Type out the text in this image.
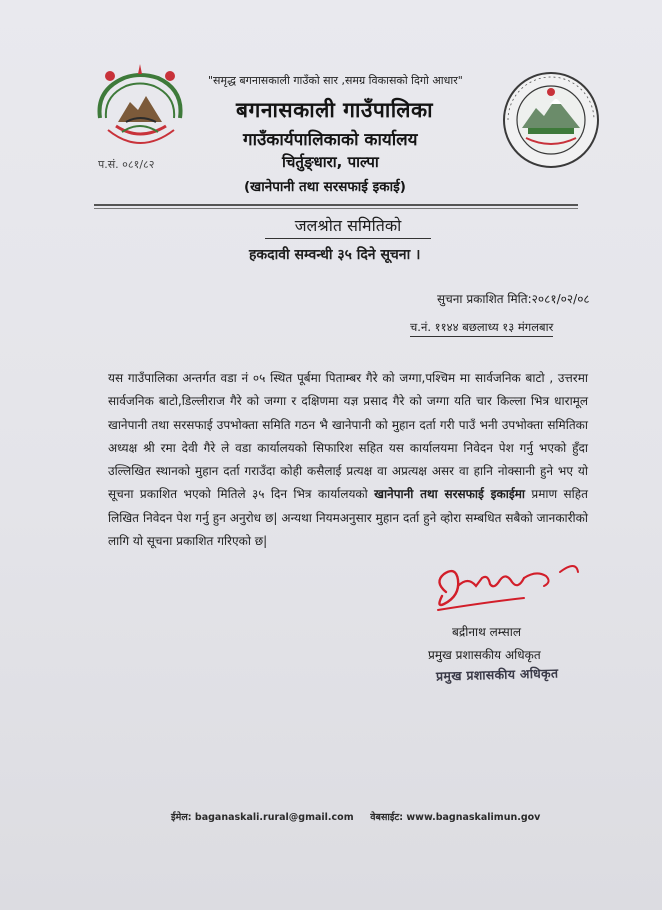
प.सं. ०८१/८२
"समृद्ध बगनासकाली गाउँको सार ,समग्र विकासको दिगो आधार"
बगनासकाली गाउँपालिका
गाउँकार्यपालिकाको कार्यालय
चिर्तुङ्धारा, पाल्पा
(खानेपानी तथा सरसफाई इकाई)
जलश्रोत समितिको
हकदावी सम्वन्धी ३५ दिने सूचना ।
सुचना प्रकाशित मिति:२०८१/०२/०८
च.नं. ११४४ बछलाध्य १३ मंगलबार
यस गाउँपालिका अन्तर्गत वडा नं ०५ स्थित पूर्बमा पिताम्बर गैरे को जग्गा,पश्चिम मा सार्वजनिक बाटो , उत्तरमा सार्वजनिक बाटो,डिल्लीराज गैरे को जग्गा र दक्षिणमा यज्ञ प्रसाद गैरे को जग्गा यति चार किल्ला भित्र धारामूल खानेपानी तथा सरसफाई उपभोक्ता समिति गठन भै खानेपानी को मुहान दर्ता गरी पाउँ भनी उपभोक्ता समितिका अध्यक्ष श्री रमा देवी गैरे ले वडा कार्यालयको सिफारिश सहित यस कार्यालयमा निवेदन पेश गर्नु भएको हुँदा उल्लिखित स्थानको मुहान दर्ता गराउँदा कोही कसैलाई प्रत्यक्ष वा अप्रत्यक्ष असर वा हानि नोक्सानी हुने भए यो सूचना प्रकाशित भएको मितिले ३५ दिन भित्र कार्यालयको खानेपानी तथा सरसफाई इकाईमा प्रमाण सहित लिखित निवेदन पेश गर्नु हुन अनुरोध छ| अन्यथा नियमअनुसार मुहान दर्ता हुने व्होरा सम्बधित सबैको जानकारीको लागि यो सूचना प्रकाशित गरिएको छ|
बद्रीनाथ लम्साल
प्रमुख प्रशासकीय अधिकृत
प्रमुख प्रशासकीय अधिकृत
ईमेल: baganaskali.rural@gmail.com वेबसाईट: www.bagnaskalimun.gov
